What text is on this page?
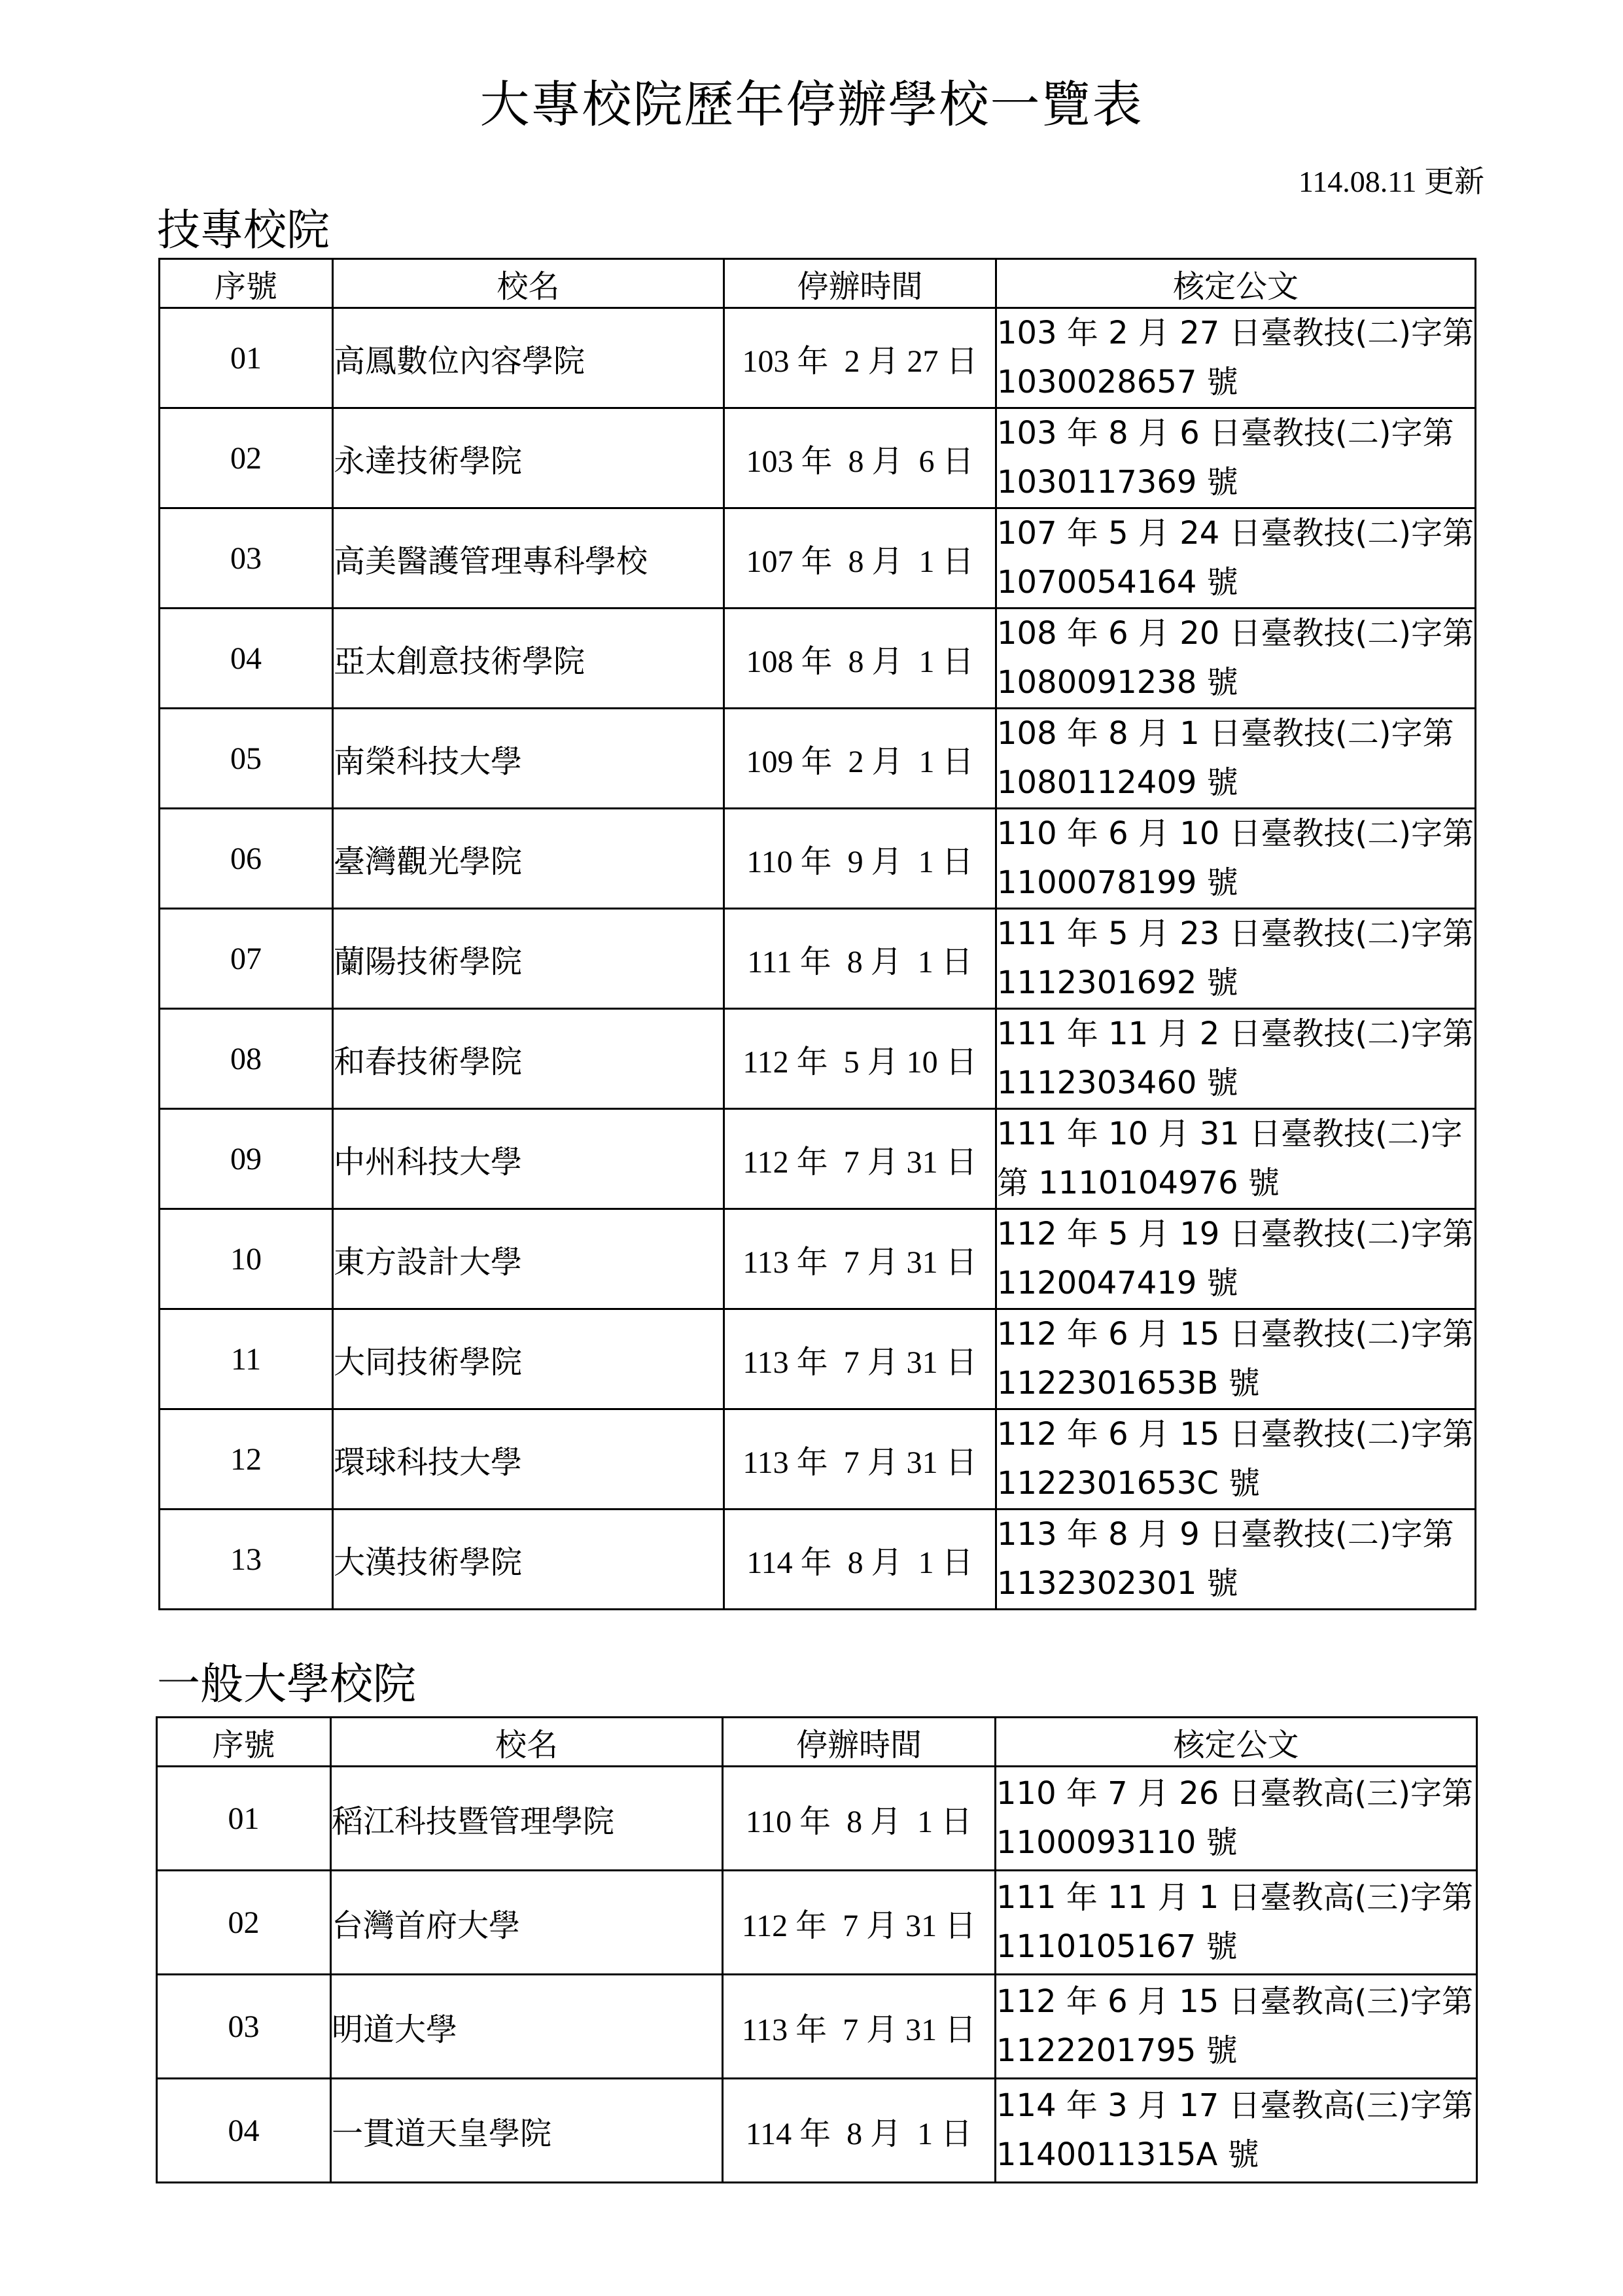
大專校院歷年停辦學校一覽表
114.08.11 更新
技專校院
序號	校名	停辦時間	核定公文
01	高鳳數位內容學院	103 年  2 月 27 日	103 年 2 月 27 日臺教技(二)字第
1030028657 號

02	永達技術學院	103 年  8 月  6 日	103 年 8 月 6 日臺教技(二)字第
1030117369 號

03	高美醫護管理專科學校	107 年  8 月  1 日	107 年 5 月 24 日臺教技(二)字第
1070054164 號

04	亞太創意技術學院	108 年  8 月  1 日	108 年 6 月 20 日臺教技(二)字第
1080091238 號

05	南榮科技大學	109 年  2 月  1 日	108 年 8 月 1 日臺教技(二)字第
1080112409 號

06	臺灣觀光學院	110 年  9 月  1 日	110 年 6 月 10 日臺教技(二)字第
1100078199 號

07	蘭陽技術學院	111 年  8 月  1 日	111 年 5 月 23 日臺教技(二)字第
1112301692 號

08	和春技術學院	112 年  5 月 10 日	111 年 11 月 2 日臺教技(二)字第
1112303460 號

09	中州科技大學	112 年  7 月 31 日	111 年 10 月 31 日臺教技(二)字
第 1110104976 號

10	東方設計大學	113 年  7 月 31 日	112 年 5 月 19 日臺教技(二)字第
1120047419 號

11	大同技術學院	113 年  7 月 31 日	112 年 6 月 15 日臺教技(二)字第
1122301653B 號

12	環球科技大學	113 年  7 月 31 日	112 年 6 月 15 日臺教技(二)字第
1122301653C 號

13	大漢技術學院	114 年  8 月  1 日	113 年 8 月 9 日臺教技(二)字第
1132302301 號
一般大學校院
序號	校名	停辦時間	核定公文
01	稻江科技暨管理學院	110 年  8 月  1 日	110 年 7 月 26 日臺教高(三)字第
1100093110 號

02	台灣首府大學	112 年  7 月 31 日	111 年 11 月 1 日臺教高(三)字第
1110105167 號

03	明道大學	113 年  7 月 31 日	112 年 6 月 15 日臺教高(三)字第
1122201795 號

04	一貫道天皇學院	114 年  8 月  1 日	114 年 3 月 17 日臺教高(三)字第
1140011315A 號
